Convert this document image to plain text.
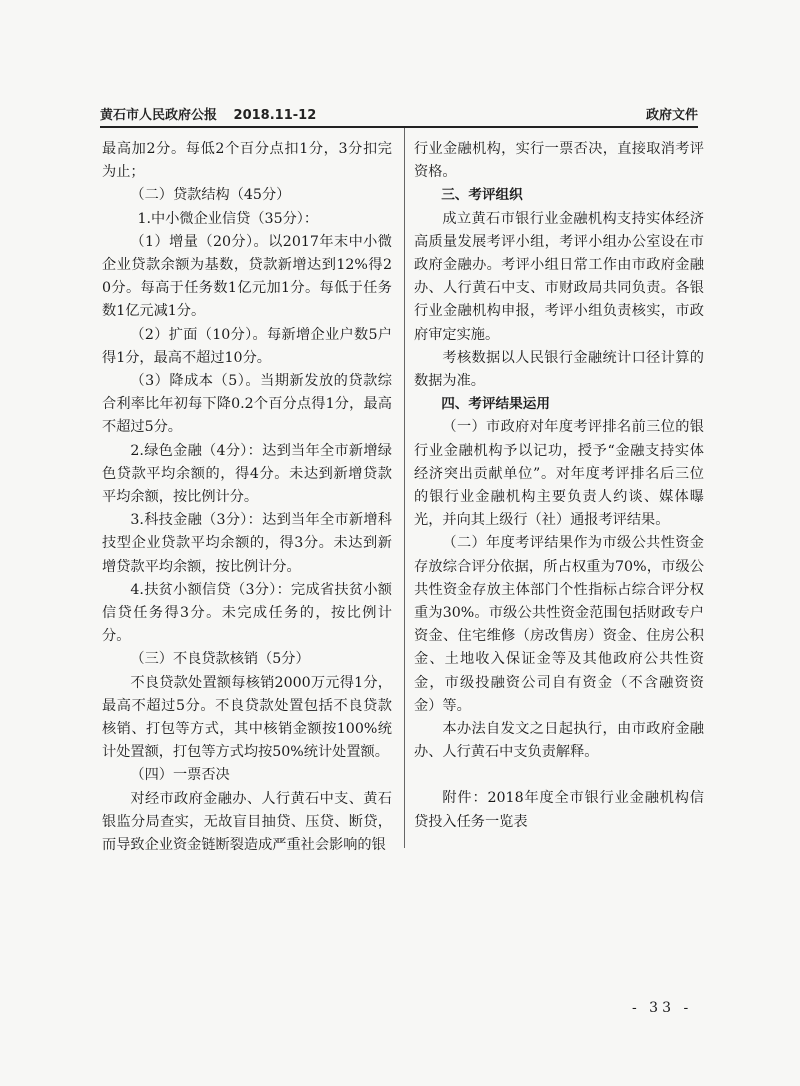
黄石市人民政府公报 2018.11-12	政府文件

最高加2分。每低2个百分点扣1分，3分扣完为止；

（二）贷款结构（45分）

1.中小微企业信贷（35分）：

（1）增量（20分）。以2017年末中小微企业贷款余额为基数，贷款新增达到12%得20分。每高于任务数1亿元加1分。每低于任务数1亿元减1分。

（2）扩面（10分）。每新增企业户数5户得1分，最高不超过10分。

（3）降成本（5）。当期新发放的贷款综合利率比年初每下降0.2个百分点得1分，最高不超过5分。

2.绿色金融（4分）：达到当年全市新增绿色贷款平均余额的，得4分。未达到新增贷款平均余额，按比例计分。

3.科技金融（3分）：达到当年全市新增科技型企业贷款平均余额的，得3分。未达到新增贷款平均余额，按比例计分。

4.扶贫小额信贷（3分）：完成省扶贫小额信贷任务得3分。未完成任务的，按比例计分。

（三）不良贷款核销（5分）

不良贷款处置额每核销2000万元得1分，最高不超过5分。不良贷款处置包括不良贷款核销、打包等方式，其中核销金额按100%统计处置额，打包等方式均按50%统计处置额。

（四）一票否决

对经市政府金融办、人行黄石中支、黄石银监分局查实，无故盲目抽贷、压贷、断贷，而导致企业资金链断裂造成严重社会影响的银

行业金融机构，实行一票否决，直接取消考评资格。

三、考评组织

成立黄石市银行业金融机构支持实体经济高质量发展考评小组，考评小组办公室设在市政府金融办。考评小组日常工作由市政府金融办、人行黄石中支、市财政局共同负责。各银行业金融机构申报，考评小组负责核实，市政府审定实施。

考核数据以人民银行金融统计口径计算的数据为准。

四、考评结果运用

（一）市政府对年度考评排名前三位的银行业金融机构予以记功，授予“金融支持实体经济突出贡献单位”。对年度考评排名后三位的银行业金融机构主要负责人约谈、媒体曝光，并向其上级行（社）通报考评结果。

（二）年度考评结果作为市级公共性资金存放综合评分依据，所占权重为70%，市级公共性资金存放主体部门个性指标占综合评分权重为30%。市级公共性资金范围包括财政专户资金、住宅维修（房改售房）资金、住房公积金、土地收入保证金等及其他政府公共性资金，市级投融资公司自有资金（不含融资资金）等。

本办法自发文之日起执行，由市政府金融办、人行黄石中支负责解释。

附件：2018年度全市银行业金融机构信贷投入任务一览表

- 33 -
